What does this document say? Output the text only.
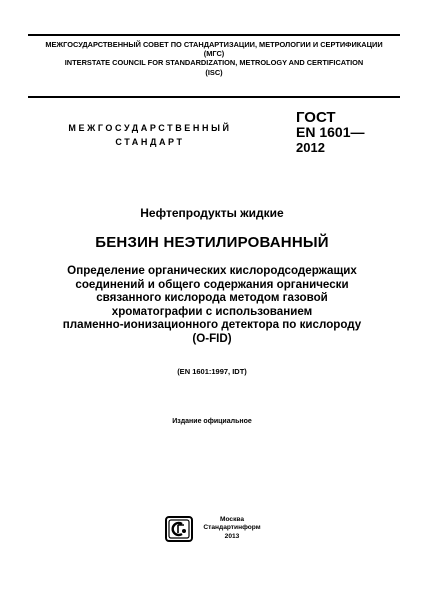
МЕЖГОСУДАРСТВЕННЫЙ СОВЕТ ПО СТАНДАРТИЗАЦИИ, МЕТРОЛОГИИ И СЕРТИФИКАЦИИ
(МГС)
INTERSTATE COUNCIL FOR STANDARDIZATION, METROLOGY AND CERTIFICATION
(ISC)
МЕЖГОСУДАРСТВЕННЫЙ
СТАНДАРТ
ГОСТ
EN 1601—
2012
Нефтепродукты жидкие
БЕНЗИН НЕЭТИЛИРОВАННЫЙ
Определение органических кислородсодержащих
соединений и общего содержания органически
связанного кислорода методом газовой
хроматографии с использованием
пламенно-ионизационного детектора по кислороду
(O-FID)
(EN 1601:1997, IDT)
Издание официальное
Москва
Стандартинформ
2013
